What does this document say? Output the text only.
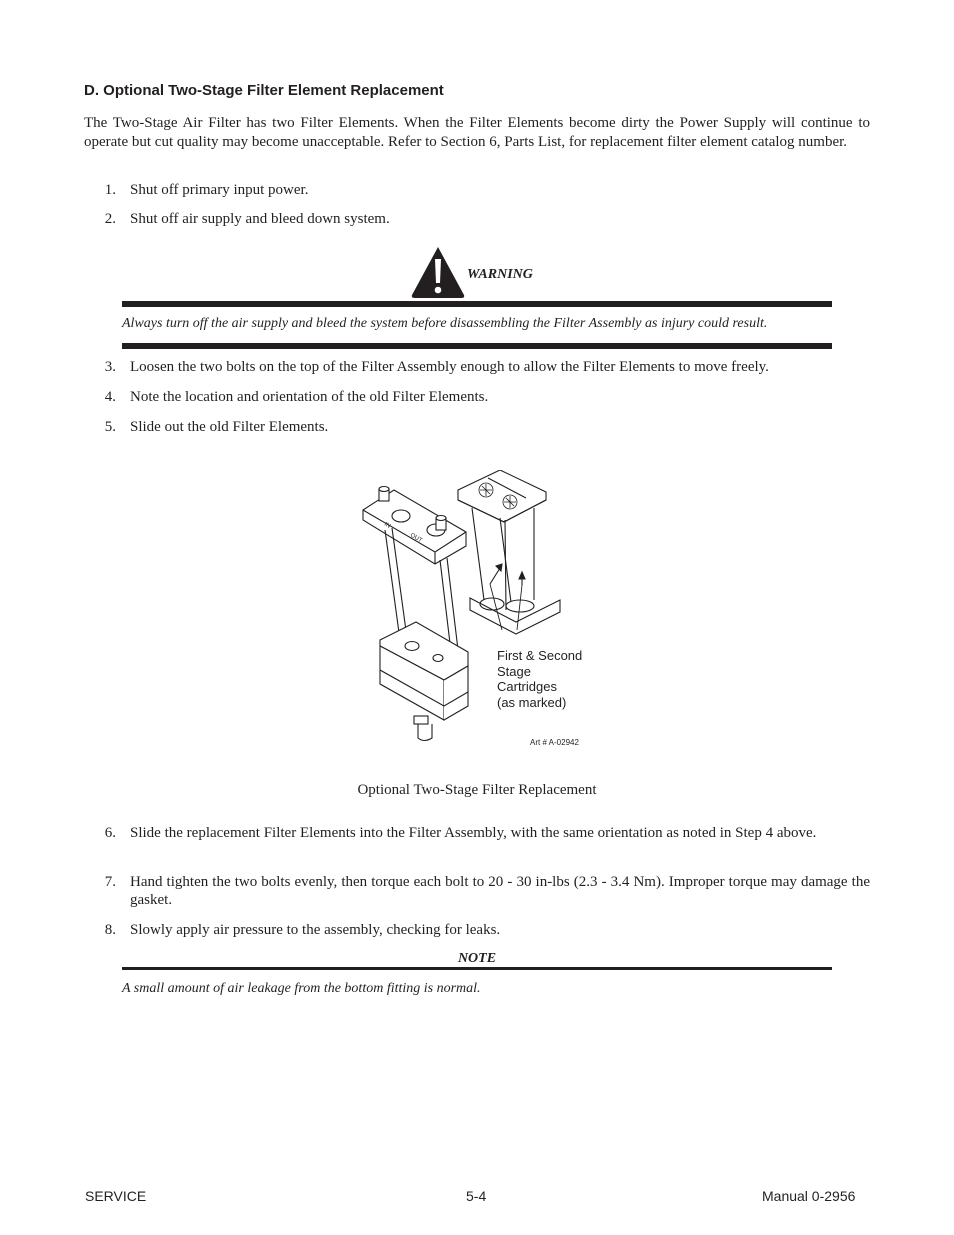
D. Optional Two-Stage Filter Element Replacement
The Two-Stage Air Filter has two Filter Elements. When the Filter Elements become dirty the Power Supply will continue to operate but cut quality may become unacceptable. Refer to Section 6, Parts List, for replacement filter element catalog number.
1. Shut off primary input power.
2. Shut off air supply and bleed down system.
WARNING
Always turn off the air supply and bleed the system before disassembling the Filter Assembly as injury could result.
3. Loosen the two bolts on the top of the Filter Assembly enough to allow the Filter Elements to move freely.
4. Note the location and orientation of the old Filter Elements.
5. Slide out the old Filter Elements.
IN
OUT
First & Second
Stage
Cartridges
(as marked)
Art # A-02942
Optional Two-Stage Filter Replacement
6. Slide the replacement Filter Elements into the Filter Assembly, with the same orientation as noted in Step 4 above.
7. Hand tighten the two bolts evenly, then torque each bolt to 20 - 30 in-lbs (2.3 - 3.4 Nm). Improper torque may damage the gasket.
8. Slowly apply air pressure to the assembly, checking for leaks.
NOTE
A small amount of air leakage from the bottom fitting is normal.
SERVICE	5-4	Manual 0-2956
